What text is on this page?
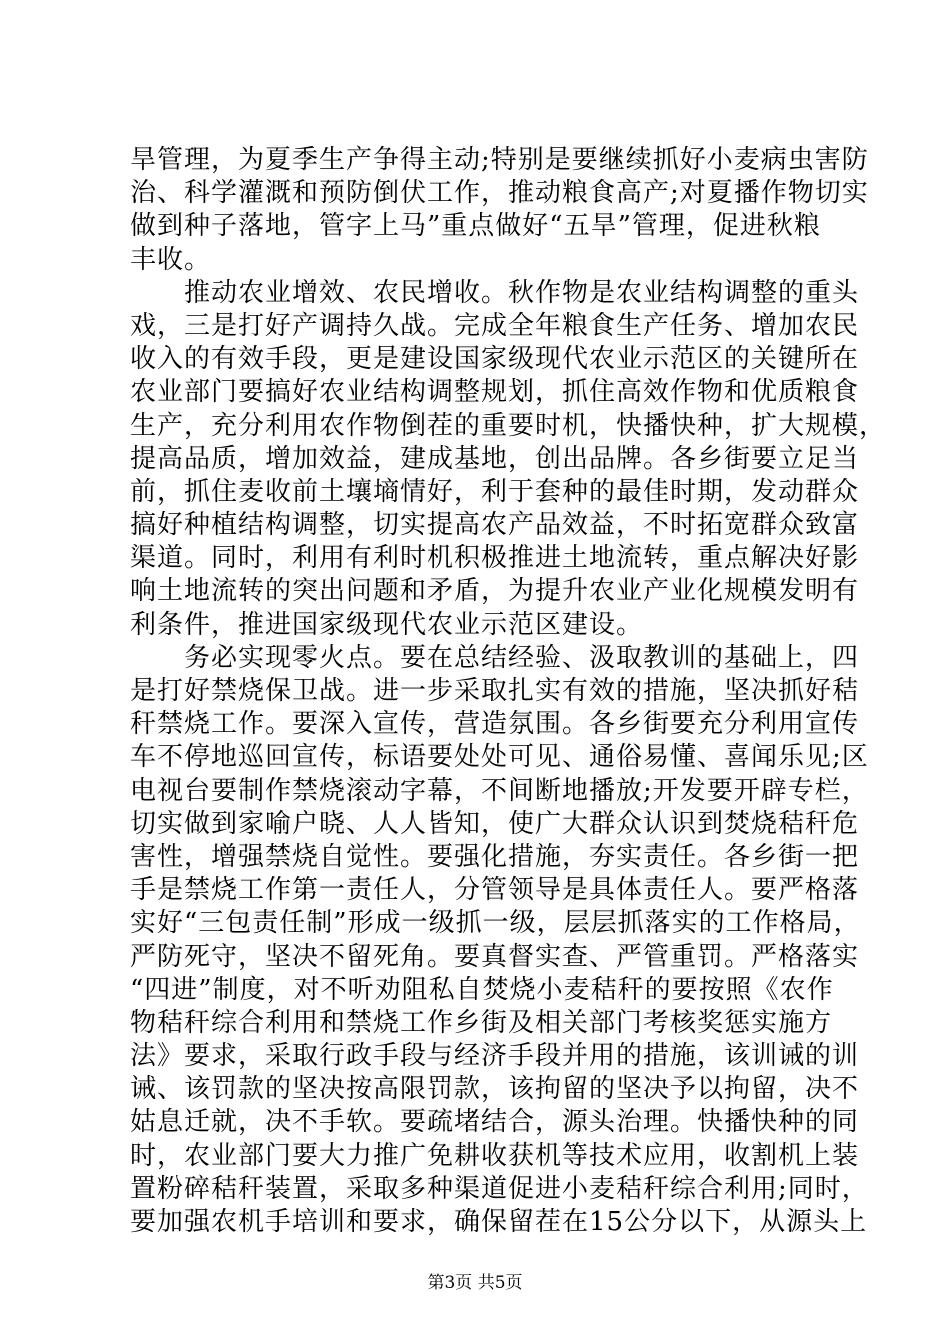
旱管理，为夏季生产争得主动;特别是要继续抓好小麦病虫害防
治、科学灌溉和预防倒伏工作，推动粮食高产;对夏播作物切实
做到种子落地，管字上马”重点做好“五旱”管理，促进秋粮
丰收。
　　推动农业增效、农民增收。秋作物是农业结构调整的重头
戏，三是打好产调持久战。完成全年粮食生产任务、增加农民
收入的有效手段，更是建设国家级现代农业示范区的关键所在
农业部门要搞好农业结构调整规划，抓住高效作物和优质粮食
生产，充分利用农作物倒茬的重要时机，快播快种，扩大规模，
提高品质，增加效益，建成基地，创出品牌。各乡街要立足当
前，抓住麦收前土壤墒情好，利于套种的最佳时期，发动群众
搞好种植结构调整，切实提高农产品效益，不时拓宽群众致富
渠道。同时，利用有利时机积极推进土地流转，重点解决好影
响土地流转的突出问题和矛盾，为提升农业产业化规模发明有
利条件，推进国家级现代农业示范区建设。
　　务必实现零火点。要在总结经验、汲取教训的基础上，四
是打好禁烧保卫战。进一步采取扎实有效的措施，坚决抓好秸
秆禁烧工作。要深入宣传，营造氛围。各乡街要充分利用宣传
车不停地巡回宣传，标语要处处可见、通俗易懂、喜闻乐见;区
电视台要制作禁烧滚动字幕，不间断地播放;开发要开辟专栏，
切实做到家喻户晓、人人皆知，使广大群众认识到焚烧秸秆危
害性，增强禁烧自觉性。要强化措施，夯实责任。各乡街一把
手是禁烧工作第一责任人，分管领导是具体责任人。要严格落
实好“三包责任制”形成一级抓一级，层层抓落实的工作格局，
严防死守，坚决不留死角。要真督实查、严管重罚。严格落实
“四进”制度，对不听劝阻私自焚烧小麦秸秆的要按照《农作
物秸秆综合利用和禁烧工作乡街及相关部门考核奖惩实施方
法》要求，采取行政手段与经济手段并用的措施，该训诫的训
诫、该罚款的坚决按高限罚款，该拘留的坚决予以拘留，决不
姑息迁就，决不手软。要疏堵结合，源头治理。快播快种的同
时，农业部门要大力推广免耕收获机等技术应用，收割机上装
置粉碎秸秆装置，采取多种渠道促进小麦秸秆综合利用;同时，
要加强农机手培训和要求，确保留茬在15公分以下，从源头上
第3页 共5页
